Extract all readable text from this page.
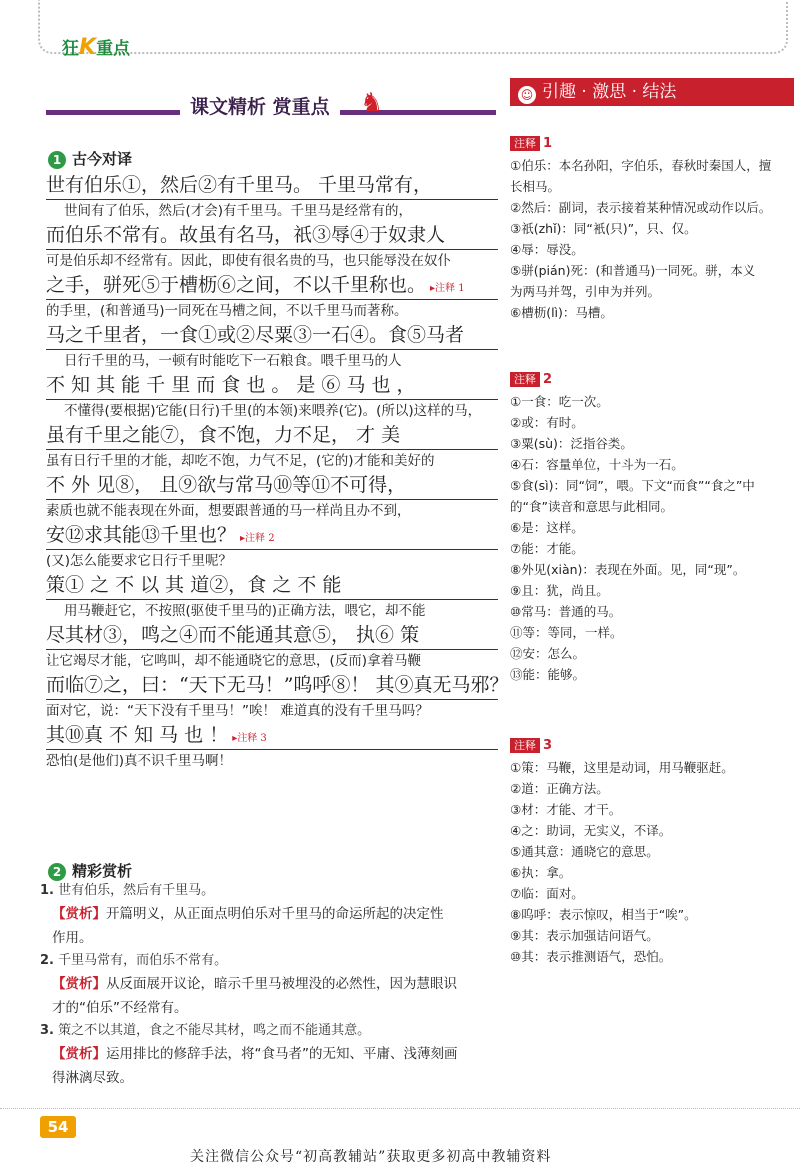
狂K重点
课文精析 赏重点	♞	☺ 引趣 · 激思 · 结法
1 古今对译
世有伯乐①，然后②有千里马。 千里马常有，
世间有了伯乐，然后(才会)有千里马。千里马是经常有的，
而伯乐不常有。故虽有名马，祇③辱④于奴隶人
可是伯乐却不经常有。因此，即使有很名贵的马，也只能辱没在奴仆
之手，骈死⑤于槽枥⑥之间，不以千里称也。 ▸注释 1
的手里，(和普通马)一同死在马槽之间，不以千里马而著称。
马之千里者，一食①或②尽粟③一石④。食⑤马者
日行千里的马，一顿有时能吃下一石粮食。喂千里马的人
不 知 其 能 千 里 而 食 也 。 是 ⑥ 马 也 ，
不懂得(要根据)它能(日行)千里(的本领)来喂养(它)。(所以)这样的马，
虽有千里之能⑦，食不饱，力不足， 才 美
虽有日行千里的才能，却吃不饱，力气不足，(它的)才能和美好的
不 外 见⑧， 且⑨欲与常马⑩等⑪不可得，
素质也就不能表现在外面，想要跟普通的马一样尚且办不到，
安⑫求其能⑬千里也？ ▸注释 2
(又)怎么能要求它日行千里呢？
策① 之 不 以 其 道②，食 之 不 能
用马鞭赶它，不按照(驱使千里马的)正确方法，喂它，却不能
尽其材③，鸣之④而不能通其意⑤， 执⑥ 策
让它竭尽才能，它鸣叫，却不能通晓它的意思，(反而)拿着马鞭
而临⑦之，曰：“天下无马！”呜呼⑧！ 其⑨真无马邪？
面对它，说：“天下没有千里马！”唉！ 难道真的没有千里马吗？
其⑩真 不 知 马 也 ！ ▸注释 3
恐怕(是他们)真不识千里马啊！
2 精彩赏析
1. 世有伯乐，然后有千里马。
【赏析】开篇明义，从正面点明伯乐对千里马的命运所起的决定性
作用。
2. 千里马常有，而伯乐不常有。
【赏析】从反面展开议论，暗示千里马被埋没的必然性，因为慧眼识
才的“伯乐”不经常有。
3. 策之不以其道，食之不能尽其材，鸣之而不能通其意。
【赏析】运用排比的修辞手法，将“食马者”的无知、平庸、浅薄刻画
得淋漓尽致。
注释 1
①伯乐：本名孙阳，字伯乐，春秋时秦国人，擅
长相马。
②然后：副词，表示接着某种情况或动作以后。
③祇(zhǐ)：同“衹(只)”，只、仅。
④辱：辱没。
⑤骈(pián)死：(和普通马)一同死。骈，本义
为两马并驾，引申为并列。
⑥槽枥(lì)：马槽。
注释 2
①一食：吃一次。
②或：有时。
③粟(sù)：泛指谷类。
④石：容量单位，十斗为一石。
⑤食(sì)：同“饲”，喂。下文“而食”“食之”中
的“食”读音和意思与此相同。
⑥是：这样。
⑦能：才能。
⑧外见(xiàn)：表现在外面。见，同“现”。
⑨且：犹，尚且。
⑩常马：普通的马。
⑪等：等同，一样。
⑫安：怎么。
⑬能：能够。
注释 3
①策：马鞭，这里是动词，用马鞭驱赶。
②道：正确方法。
③材：才能、才干。
④之：助词，无实义，不译。
⑤通其意：通晓它的意思。
⑥执：拿。
⑦临：面对。
⑧呜呼：表示惊叹，相当于“唉”。
⑨其：表示加强诘问语气。
⑩其：表示推测语气，恐怕。
54
关注微信公众号“初高教辅站”获取更多初高中教辅资料
